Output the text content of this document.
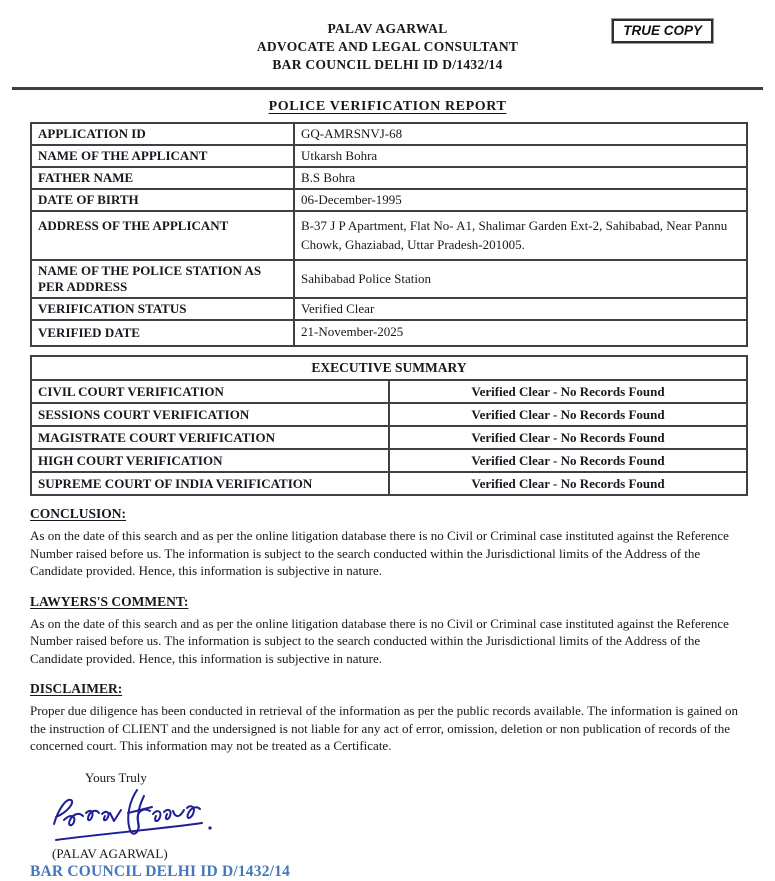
TRUE COPY
PALAV AGARWAL
ADVOCATE AND LEGAL CONSULTANT
BAR COUNCIL DELHI ID D/1432/14
POLICE VERIFICATION REPORT
APPLICATION ID	GQ-AMRSNVJ-68
NAME OF THE APPLICANT	Utkarsh Bohra
FATHER NAME	B.S Bohra
DATE OF BIRTH	06-December-1995
ADDRESS OF THE APPLICANT	B-37 J P Apartment, Flat No- A1, Shalimar Garden Ext-2, Sahibabad, Near Pannu Chowk, Ghaziabad, Uttar Pradesh-201005.
NAME OF THE POLICE STATION AS PER ADDRESS	Sahibabad Police Station
VERIFICATION STATUS	Verified Clear
VERIFIED DATE	21-November-2025
EXECUTIVE SUMMARY	
CIVIL COURT VERIFICATION	Verified Clear - No Records Found
SESSIONS COURT VERIFICATION	Verified Clear - No Records Found
MAGISTRATE COURT VERIFICATION	Verified Clear - No Records Found
HIGH COURT VERIFICATION	Verified Clear - No Records Found
SUPREME COURT OF INDIA VERIFICATION	Verified Clear - No Records Found
CONCLUSION:

As on the date of this search and as per the online litigation database there is no Civil or Criminal case instituted against the Reference Number raised before us. The information is subject to the search conducted within the Jurisdictional limits of the Address of the Candidate provided. Hence, this information is subjective in nature.

LAWYERS'S COMMENT:

As on the date of this search and as per the online litigation database there is no Civil or Criminal case instituted against the Reference Number raised before us. The information is subject to the search conducted within the Jurisdictional limits of the Address of the Candidate provided. Hence, this information is subjective in nature.

DISCLAIMER:

Proper due diligence has been conducted in retrieval of the information as per the public records available. The information is gained on the instruction of CLIENT and the undersigned is not liable for any act of error, omission, deletion or non publication of records of the concerned court. This information may not be treated as a Certificate.

Yours Truly
(PALAV AGARWAL)
BAR COUNCIL DELHI ID D/1432/14
